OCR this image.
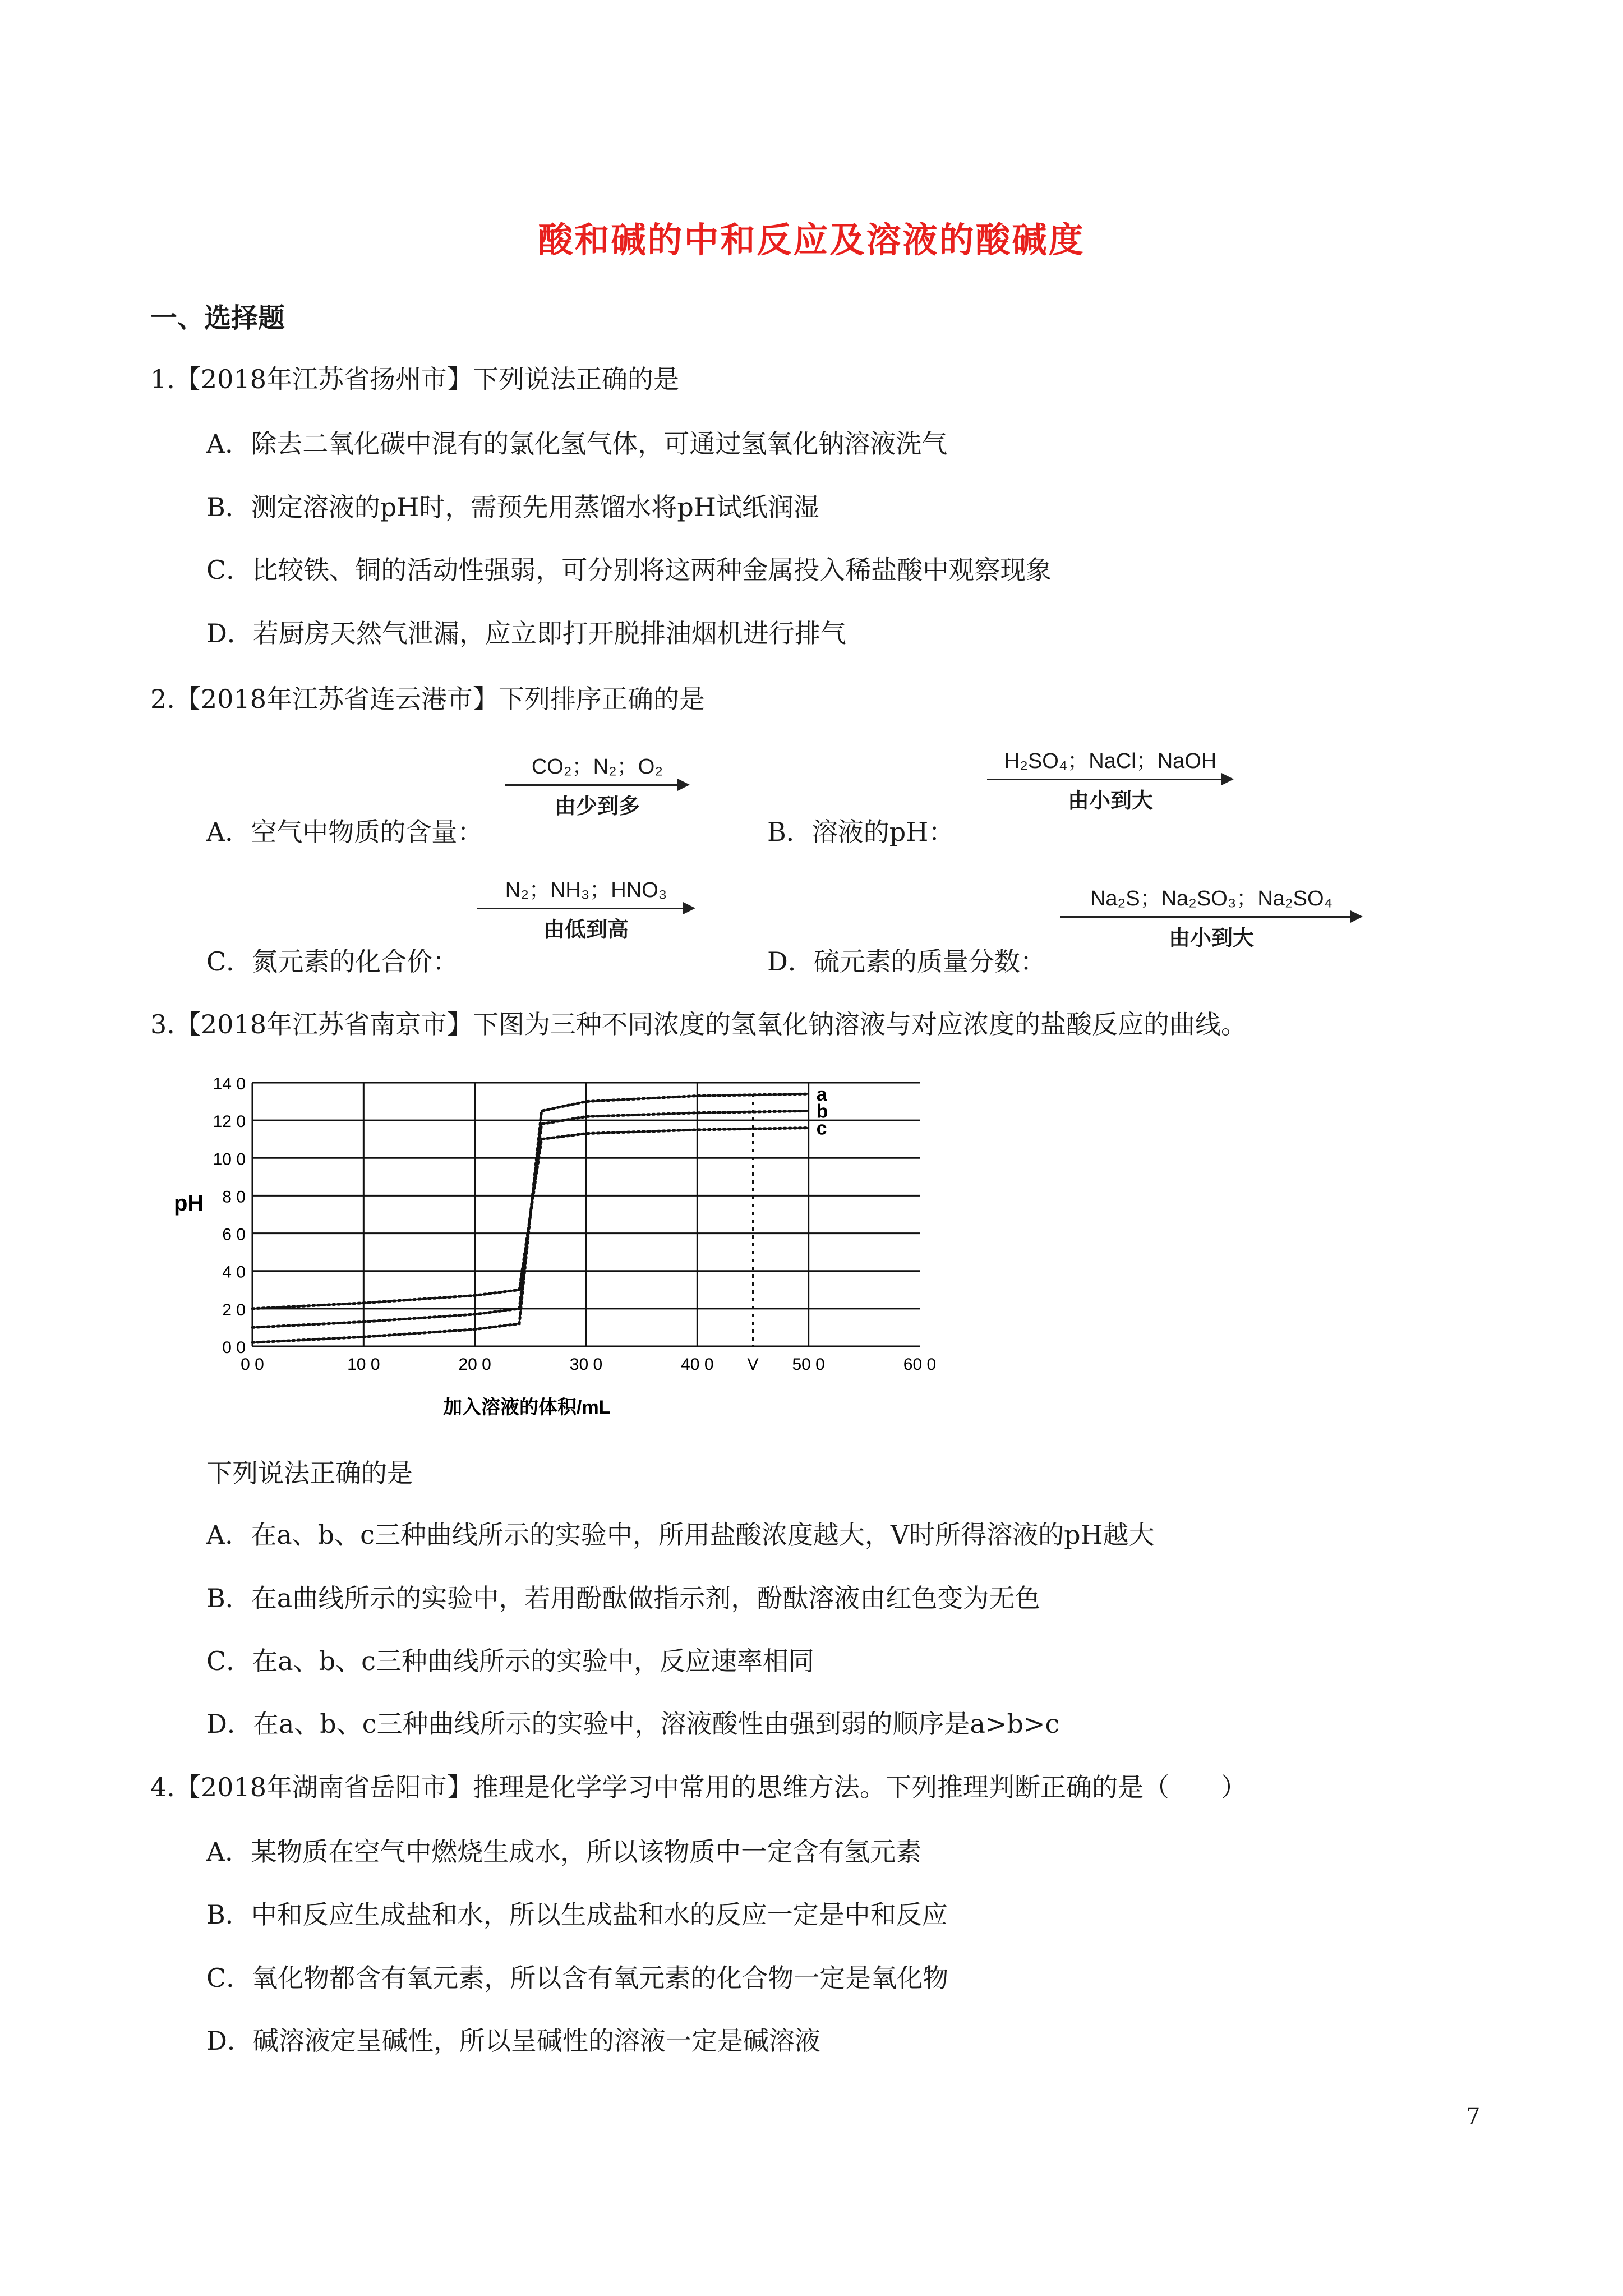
酸和碱的中和反应及溶液的酸碱度
一、选择题
1.【2018年江苏省扬州市】下列说法正确的是
A．除去二氧化碳中混有的氯化氢气体，可通过氢氧化钠溶液洗气
B．测定溶液的pH时，需预先用蒸馏水将pH试纸润湿
C．比较铁、铜的活动性强弱，可分别将这两种金属投入稀盐酸中观察现象
D．若厨房天然气泄漏，应立即打开脱排油烟机进行排气
2.【2018年江苏省连云港市】下列排序正确的是
A．空气中物质的含量：
CO₂；N₂；O₂
由少到多
B．溶液的pH：
H₂SO₄；NaCl；NaOH
由小到大
C．氮元素的化合价：
N₂；NH₃；HNO₃
由低到高
D．硫元素的质量分数：
Na₂S；Na₂SO₃；Na₂SO₄
由小到大
3.【2018年江苏省南京市】下图为三种不同浓度的氢氧化钠溶液与对应浓度的盐酸反应的曲线。
0 0
2 0
4 0
6 0
8 0
10 0
12 0
14 0
0 0	10 0	20 0	30 0	40 0 V 50 0	60 0
a
b
c
pH
加入溶液的体积/mL
下列说法正确的是
A．在a、b、c三种曲线所示的实验中，所用盐酸浓度越大，V时所得溶液的pH越大
B．在a曲线所示的实验中，若用酚酞做指示剂，酚酞溶液由红色变为无色
C．在a、b、c三种曲线所示的实验中，反应速率相同
D．在a、b、c三种曲线所示的实验中，溶液酸性由强到弱的顺序是a>b>c
4.【2018年湖南省岳阳市】推理是化学学习中常用的思维方法。下列推理判断正确的是（　　）
A．某物质在空气中燃烧生成水，所以该物质中一定含有氢元素
B．中和反应生成盐和水，所以生成盐和水的反应一定是中和反应
C．氧化物都含有氧元素，所以含有氧元素的化合物一定是氧化物
D．碱溶液定呈碱性，所以呈碱性的溶液一定是碱溶液
7
